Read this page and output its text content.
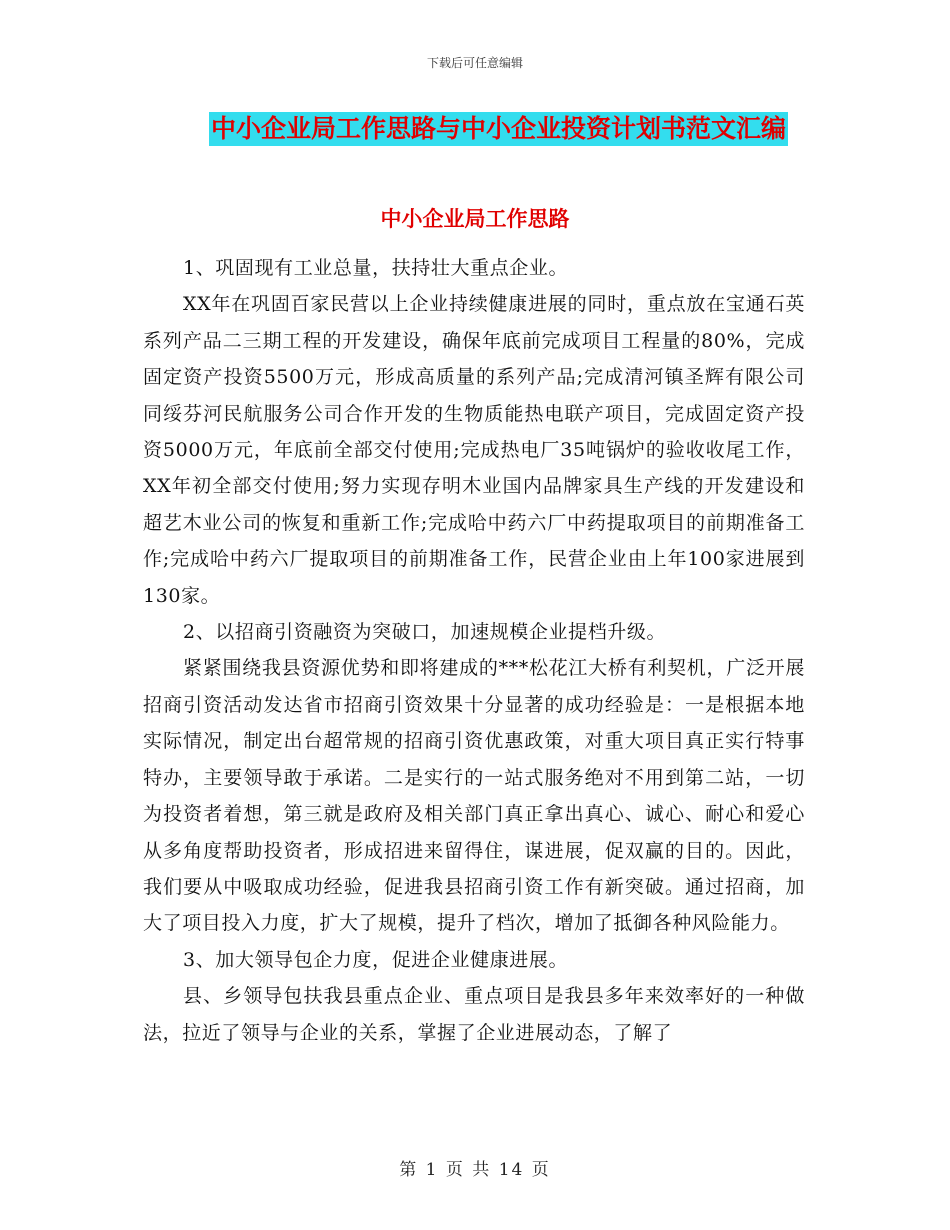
下载后可任意编辑
中小企业局工作思路与中小企业投资计划书范文汇编
中小企业局工作思路

1、巩固现有工业总量，扶持壮大重点企业。

XX年在巩固百家民营以上企业持续健康进展的同时，重点放在宝通石英系列产品二三期工程的开发建设，确保年底前完成项目工程量的80%，完成固定资产投资5500万元，形成高质量的系列产品;完成清河镇圣辉有限公司同绥芬河民航服务公司合作开发的生物质能热电联产项目，完成固定资产投资5000万元，年底前全部交付使用;完成热电厂35吨锅炉的验收收尾工作，XX年初全部交付使用;努力实现存明木业国内品牌家具生产线的开发建设和超艺木业公司的恢复和重新工作;完成哈中药六厂中药提取项目的前期准备工作;完成哈中药六厂提取项目的前期准备工作，民营企业由上年100家进展到130家。

2、以招商引资融资为突破口，加速规模企业提档升级。

紧紧围绕我县资源优势和即将建成的***松花江大桥有利契机，广泛开展招商引资活动发达省市招商引资效果十分显著的成功经验是：一是根据本地实际情况，制定出台超常规的招商引资优惠政策，对重大项目真正实行特事特办，主要领导敢于承诺。二是实行的一站式服务绝对不用到第二站，一切为投资者着想，第三就是政府及相关部门真正拿出真心、诚心、耐心和爱心从多角度帮助投资者，形成招进来留得住，谋进展，促双赢的目的。因此，我们要从中吸取成功经验，促进我县招商引资工作有新突破。通过招商，加大了项目投入力度，扩大了规模，提升了档次，增加了抵御各种风险能力。

3、加大领导包企力度，促进企业健康进展。

县、乡领导包扶我县重点企业、重点项目是我县多年来效率好的一种做法，拉近了领导与企业的关系，掌握了企业进展动态，了解了

第 1 页 共 14 页
